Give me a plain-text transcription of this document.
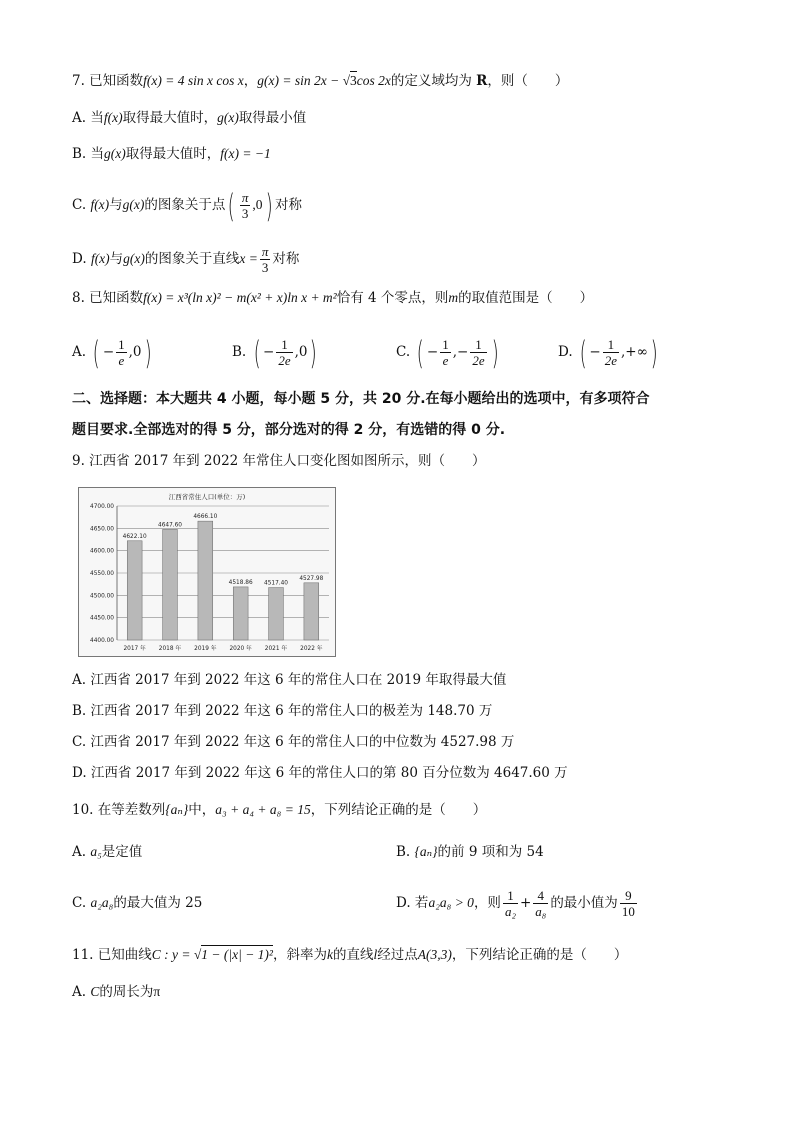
7. 已知函数f(x) = 4 sin x cos x，g(x) = sin 2x − √3cos 2x的定义域均为 R，则（　　）
A. 当f(x)取得最大值时，g(x)取得最小值
B. 当g(x)取得最大值时，f(x) = −1
C. f(x)与g(x)的图象关于点( $\frac{\pi}{3} ,0$) 对称
D. f(x)与g(x)的图象关于直线$x = \frac{\pi}{3}$ 对称
8. 已知函数f(x) = x³(ln x)² − m(x² + x)ln x + m²恰有 4 个零点，则m的取值范围是（　　）
A. ( − $\frac{1}{e} ,0$)	B. ( − $\frac{1}{2e} ,0$)	C. ( − $\frac{1}{e}$ ,− $\frac{1}{2e}$ )	D. ( − $\frac{1}{2e}$ ,+∞)
二、选择题：本大题共 4 小题，每小题 5 分，共 20 分.在每小题给出的选项中，有多项符合
题目要求.全部选对的得 5 分，部分选对的得 2 分，有选错的得 0 分.
9. 江西省 2017 年到 2022 年常住人口变化图如图所示，则（　　）
江西省常住人口(单位：万)
4400.00
4450.00
4500.00
4550.00
4600.00
4650.00
4700.00
4622.10
4647.60
4666.10
4518.86 4517.40
4527.98
2017 年 2018 年 2019 年 2020 年 2021 年 2022 年
A. 江西省 2017 年到 2022 年这 6 年的常住人口在 2019 年取得最大值
B. 江西省 2017 年到 2022 年这 6 年的常住人口的极差为 148.70 万
C. 江西省 2017 年到 2022 年这 6 年的常住人口的中位数为 4527.98 万
D. 江西省 2017 年到 2022 年这 6 年的常住人口的第 80 百分位数为 4647.60 万
10. 在等差数列{aₙ}中，a₃ + a₄ + a₈ = 15，下列结论正确的是（　　）
A. a₅是定值	B. {aₙ}的前 9 项和为 54
C. a₂a₈的最大值为 25	D. 若a₂a₈ > 0，则 $\frac{1}{\text{a₂}} + \frac{4}{\text{a₈}}$ 的最小值为 $\frac{9}{10}$
11. 已知曲线C : y = √1 − (|x| − 1)²，斜率为k的直线l经过点A(3,3)，下列结论正确的是（　　）
A. C的周长为π
